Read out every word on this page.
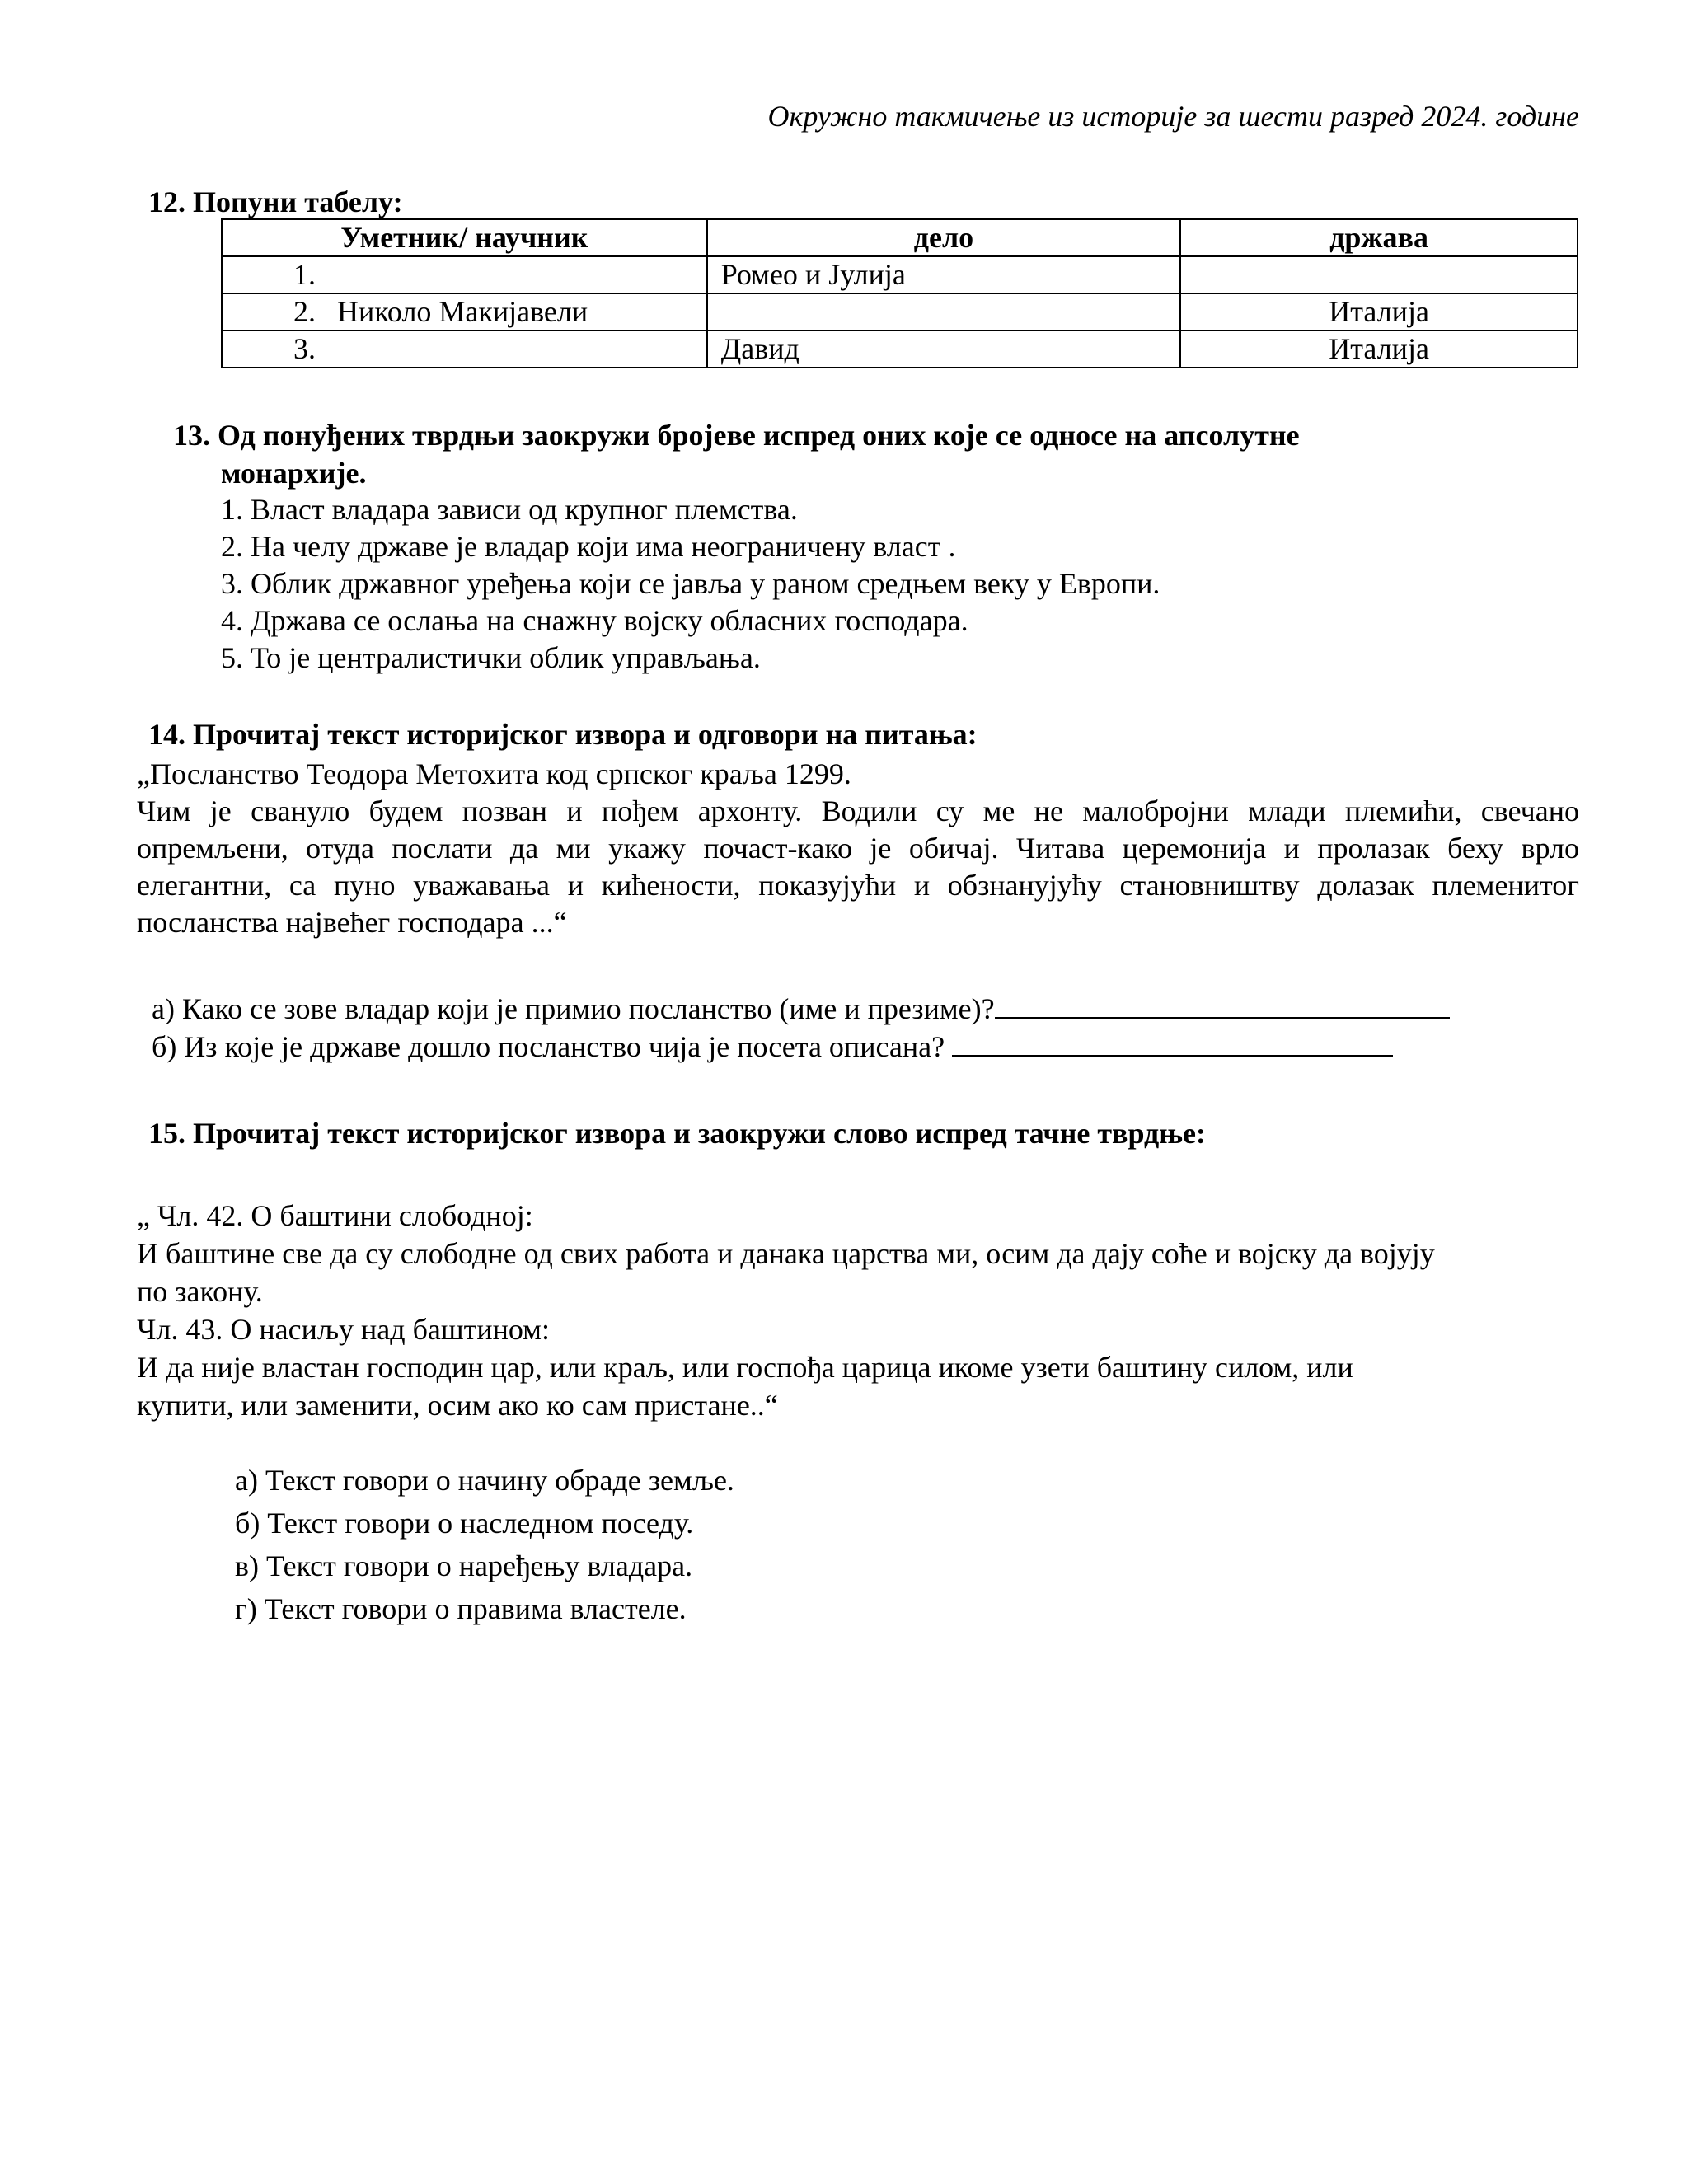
Окружно такмичење из историје за шести разред 2024. године
12. Попуни табелу:
Уметник/ научник	дело	држава
1.	Ромео и Јулија	
2. Николо Макијавели		Италија
3.	Давид	Италија
13. Од понуђених тврдњи заокружи бројеве испред оних које се односе на апсолутне
монархије.
1. Власт владара зависи од крупног племства.
2. На челу државе је владар који има неограничену власт .
3. Облик државног уређења који се јавља у раном средњем веку у Европи.
4. Држава се ослања на снажну војску обласних господара.
5. То је централистички облик управљања.
14. Прочитај текст историјског извора и одговори на питања:
„Посланство Теодора Метохита код српског краља 1299.
Чим је свануло будем позван и пођем архонту. Водили су ме не малобројни млади племићи, свечано
опремљени, отуда послати да ми укажу почаст-како је обичај. Читава церемонија и пролазак беху врло
елегантни, са пуно уважавања и кићености, показујући и обзнанујућу становништву долазак племенитог
посланства највећег господара ...“
а) Како се зове владар који је примио посланство (име и презиме)?
б) Из које је државе дошло посланство чија је посета описана?
15. Прочитај текст историјског извора и заокружи слово испред тачне тврдње:
„ Чл. 42. О баштини слободној:
И баштине све да су слободне од свих работа и данака царства ми, осим да дају соће и војску да војују
по закону.
Чл. 43. О насиљу над баштином:
И да није властан господин цар, или краљ, или госпођа царица икоме узети баштину силом, или
купити, или заменити, осим ако ко сам пристане..“
а) Текст говори о начину обраде земље.
б) Текст говори о наследном поседу.
в) Текст говори о наређењу владара.
г) Текст говори о правима властеле.
